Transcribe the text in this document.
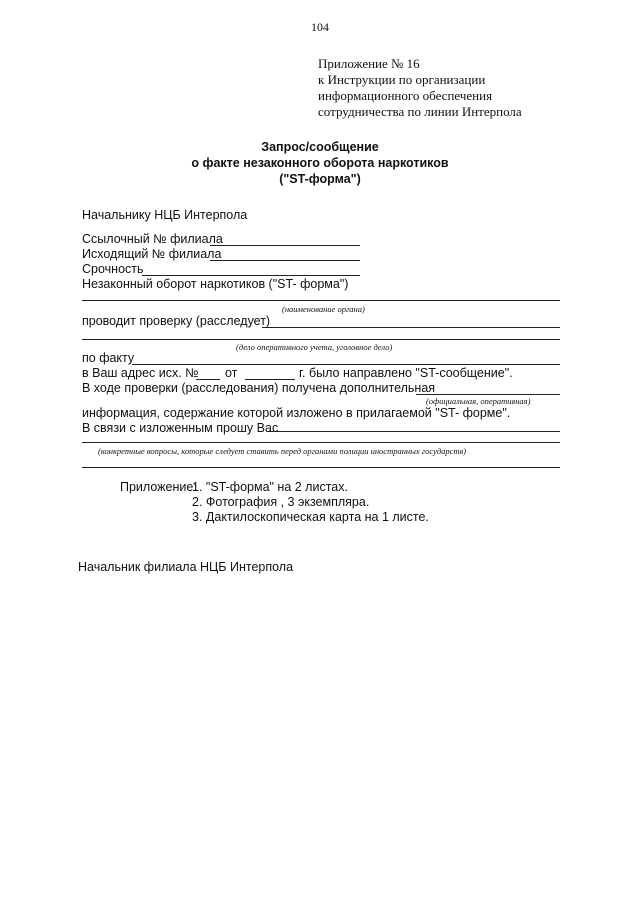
104
Приложение № 16
к Инструкции по организации
информационного обеспечения
сотрудничества по линии Интерпола
Запрос/сообщение
о факте незаконного оборота наркотиков
("ST-форма")
Начальнику НЦБ Интерпола
Ссылочный № филиала
Исходящий № филиала
Срочность
Незаконный оборот наркотиков ("ST- форма")
(наименование органа)
проводит проверку (расследует)
(дело оперативного учета, уголовное дело)
по факту
в Ваш адрес исх. № от	г. было направлено "ST-сообщение".
В ходе проверки (расследования) получена дополнительная
(официальная, оперативная)
информация, содержание которой изложено в прилагаемой "ST- форме".
В связи с изложенным прошу Вас
(конкретные вопросы, которые следует ставить перед органами полиции иностранных государств)
Приложение:
1. "ST-форма" на 2 листах.
2. Фотография , 3 экземпляра.
3. Дактилоскопическая карта на 1 листе.
Начальник филиала НЦБ Интерпола
